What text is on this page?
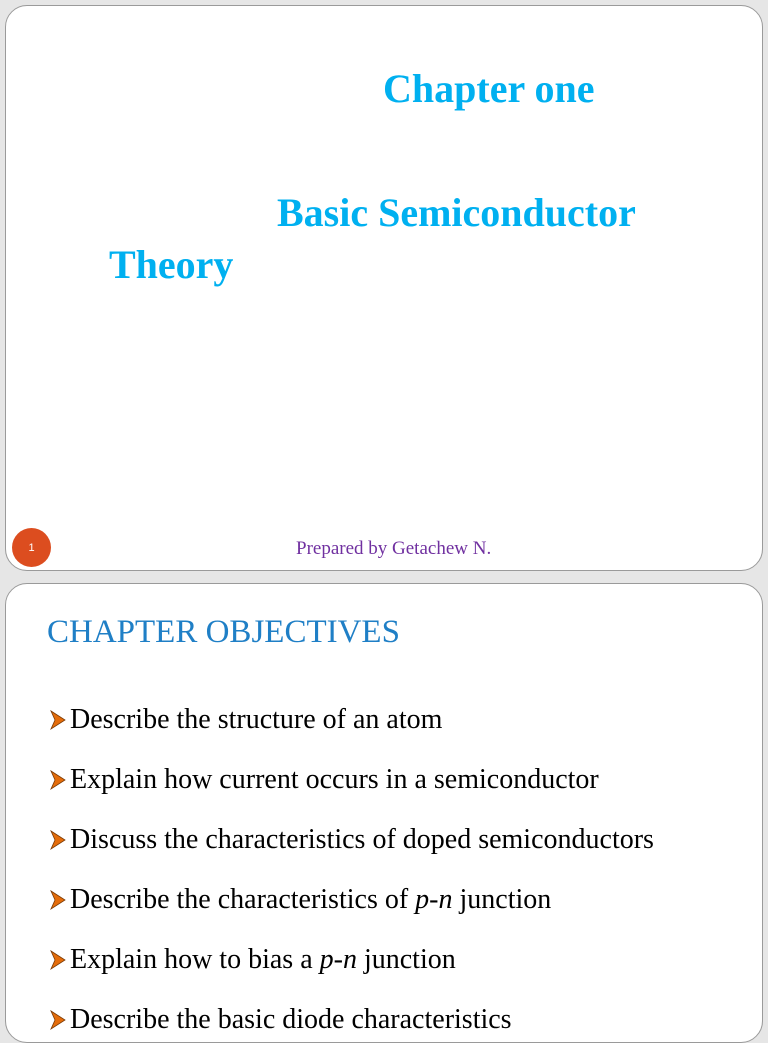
Chapter one
Basic Semiconductor
Theory
1	Prepared by Getachew N.
CHAPTER OBJECTIVES
Describe the structure of an atom
Explain how current occurs in a semiconductor
Discuss the characteristics of doped semiconductors
Describe the characteristics of p-n junction
Explain how to bias a p-n junction
Describe the basic diode characteristics
